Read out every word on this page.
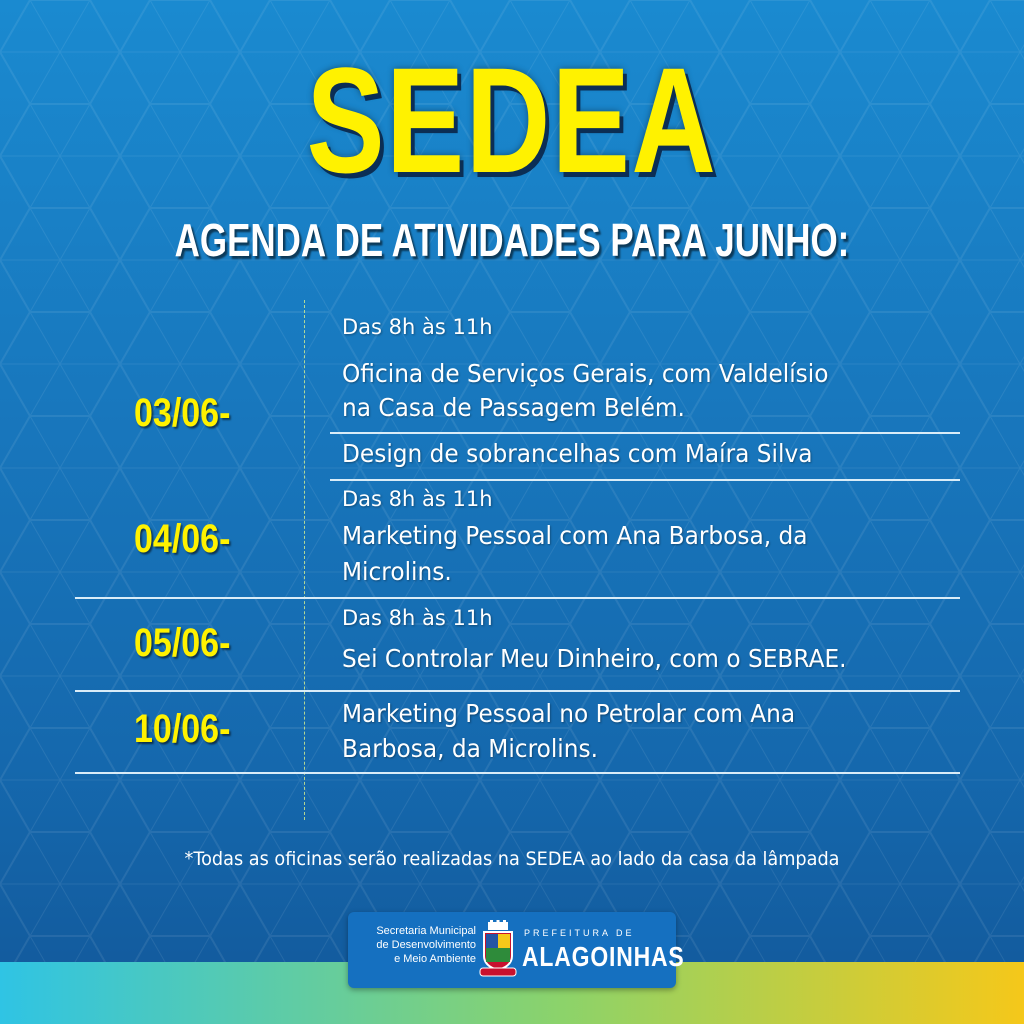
SEDEA
AGENDA DE ATIVIDADES PARA JUNHO:
03/06-
Das 8h às 11h
Oficina de Serviços Gerais, com Valdelísio
na Casa de Passagem Belém.
Design de sobrancelhas com Maíra Silva
04/06-
Das 8h às 11h
Marketing Pessoal com Ana Barbosa, da
Microlins.
05/06-
Das 8h às 11h
Sei Controlar Meu Dinheiro, com o SEBRAE.
10/06-	Marketing Pessoal no Petrolar com Ana
Barbosa, da Microlins.
*Todas as oficinas serão realizadas na SEDEA ao lado da casa da lâmpada
Secretaria Municipal
de Desenvolvimento
e Meio Ambiente
PREFEITURA DE
ALAGOINHAS
